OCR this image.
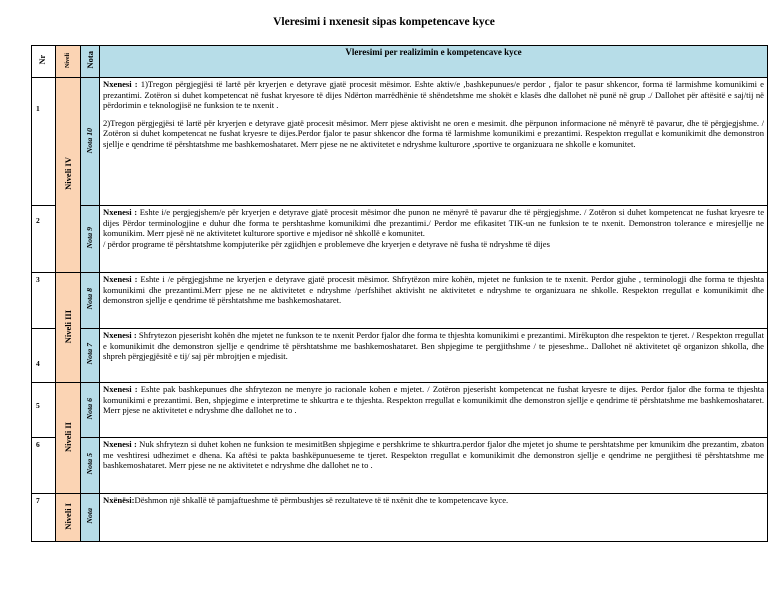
Vleresimi i nxenesit sipas kompetencave kyce
Nr	Niveli	Nota	Vleresimi per realizimin e kompetencave kyce

1	Niveli IV	Nota 10	Nxenesi : 1)Tregon përgjegjësi të lartë për kryerjen e detyrave gjatë procesit mësimor. Eshte aktiv/e ,bashkepunues/e perdor , fjalor te pasur shkencor, forma të larmishme komunikimi e prezantimi. Zotëron si duhet kompetencat në fushat kryesore të dijes Ndërton marrëdhënie të shëndetshme me shokët e klasës dhe dallohet në punë në grup ./ Dallohet për aftësitë e saj/tij në përdorimin e teknologjisë ne funksion te te nxenit .

2)Tregon përgjegjësi të lartë për kryerjen e detyrave gjatë procesit mësimor. Merr pjese aktivisht ne oren e mesimit. dhe përpunon informacione në mënyrë të pavarur, dhe të përgjegjshme. / Zotëron si duhet kompetencat ne fushat kryesre te dijes.Perdor fjalor te pasur shkencor dhe forma të larmishme komunikimi e prezantimi. Respekton rregullat e komunikimit dhe demonstron sjellje e qendrime të përshtatshme me bashkemoshataret. Merr pjese ne ne aktivitetet e ndryshme kulturore ,sportive te organizuara ne shkolle e komunitet.

2		Nota 9	Nxenesi : Eshte i/e pergjegjshem/e për kryerjen e detyrave gjatë procesit mësimor dhe punon ne mënyrë të pavarur dhe të përgjegjshme. / Zotëron si duhet kompetencat ne fushat kryesre te dijes Përdor terminologjine e duhur dhe forma te pershtashme komunikimi dhe prezantimi./ Perdor me efikasitet TIK-un ne funksion te te nxenit. Demonstron tolerance e miresjellje ne komunikim. Merr pjesë në ne aktivitetet kulturore sportive e mjedisor në shkollë e komunitet.

/ përdor programe të përshtatshme kompjuterike për zgjidhjen e problemeve dhe kryerjen e detyrave në fusha të ndryshme të dijes

3	Niveli III	Nota 8	Nxenesi : Eshte i /e përgjegjshme ne kryerjen e detyrave gjatë procesit mësimor. Shfrytëzon mire kohën, mjetet ne funksion te te nxenit. Perdor gjuhe , terminologji dhe forma te thjeshta komunikimi dhe prezantimi.Merr pjese ne ne aktivitetet e ndryshme /perfshihet aktivisht ne aktivitetet e ndryshme te organizuara ne shkolle. Respekton rregullat e komunikimit dhe demonstron sjellje e qendrime të përshtatshme me bashkemoshataret.

4		Nota 7	Nxenesi : Shfrytezon pjeserisht kohën dhe mjetet ne funkson te te nxenit Perdor fjalor dhe forma te thjeshta komunikimi e prezantimi. Mirëkupton dhe respekton te tjeret. / Respekton rregullat e komunikimit dhe demonstron sjellje e qendrime të përshtatshme me bashkemoshataret. Ben shpjegime te pergjithshme / te pjeseshme.. Dallohet në aktivitetet që organizon shkolla, dhe shpreh përgjegjësitë e tij/ saj për mbrojtjen e mjedisit.

5	Niveli II	Nota 6	Nxenesi : Eshte pak bashkepunues dhe shfrytezon ne menyre jo racionale kohen e mjetet. / Zotëron pjeserisht kompetencat ne fushat kryesre te dijes. Perdor fjalor dhe forma te thjeshta komunikimi e prezantimi. Ben, shpjegime e interpretime te shkurtra e te thjeshta. Respekton rregullat e komunikimit dhe demonstron sjellje e qendrime të përshtatshme me bashkemoshataret. Merr pjese ne aktivitetet e ndryshme dhe dallohet ne to .

6		Nota 5	Nxenesi : Nuk shfrytezn si duhet kohen ne funksion te mesimitBen shpjegime e pershkrime te shkurtra.perdor fjalor dhe mjetet jo shume te pershtatshme per kmunikim dhe prezantim, zbaton me veshtiresi udhezimet e dhena. Ka aftësi te pakta bashkëpunueseme te tjeret. Respekton rregullat e komunikimit dhe demonstron sjellje e qendrime ne pergjithesi të përshtatshme me bashkemoshataret. Merr pjese ne ne aktivitetet e ndryshme dhe dallohet ne to .

7	Niveli I	Nota	Nxënësi:Dëshmon një shkallë të pamjaftueshme të përmbushjes së rezultateve të të nxënit dhe te kompetencave kyce.
